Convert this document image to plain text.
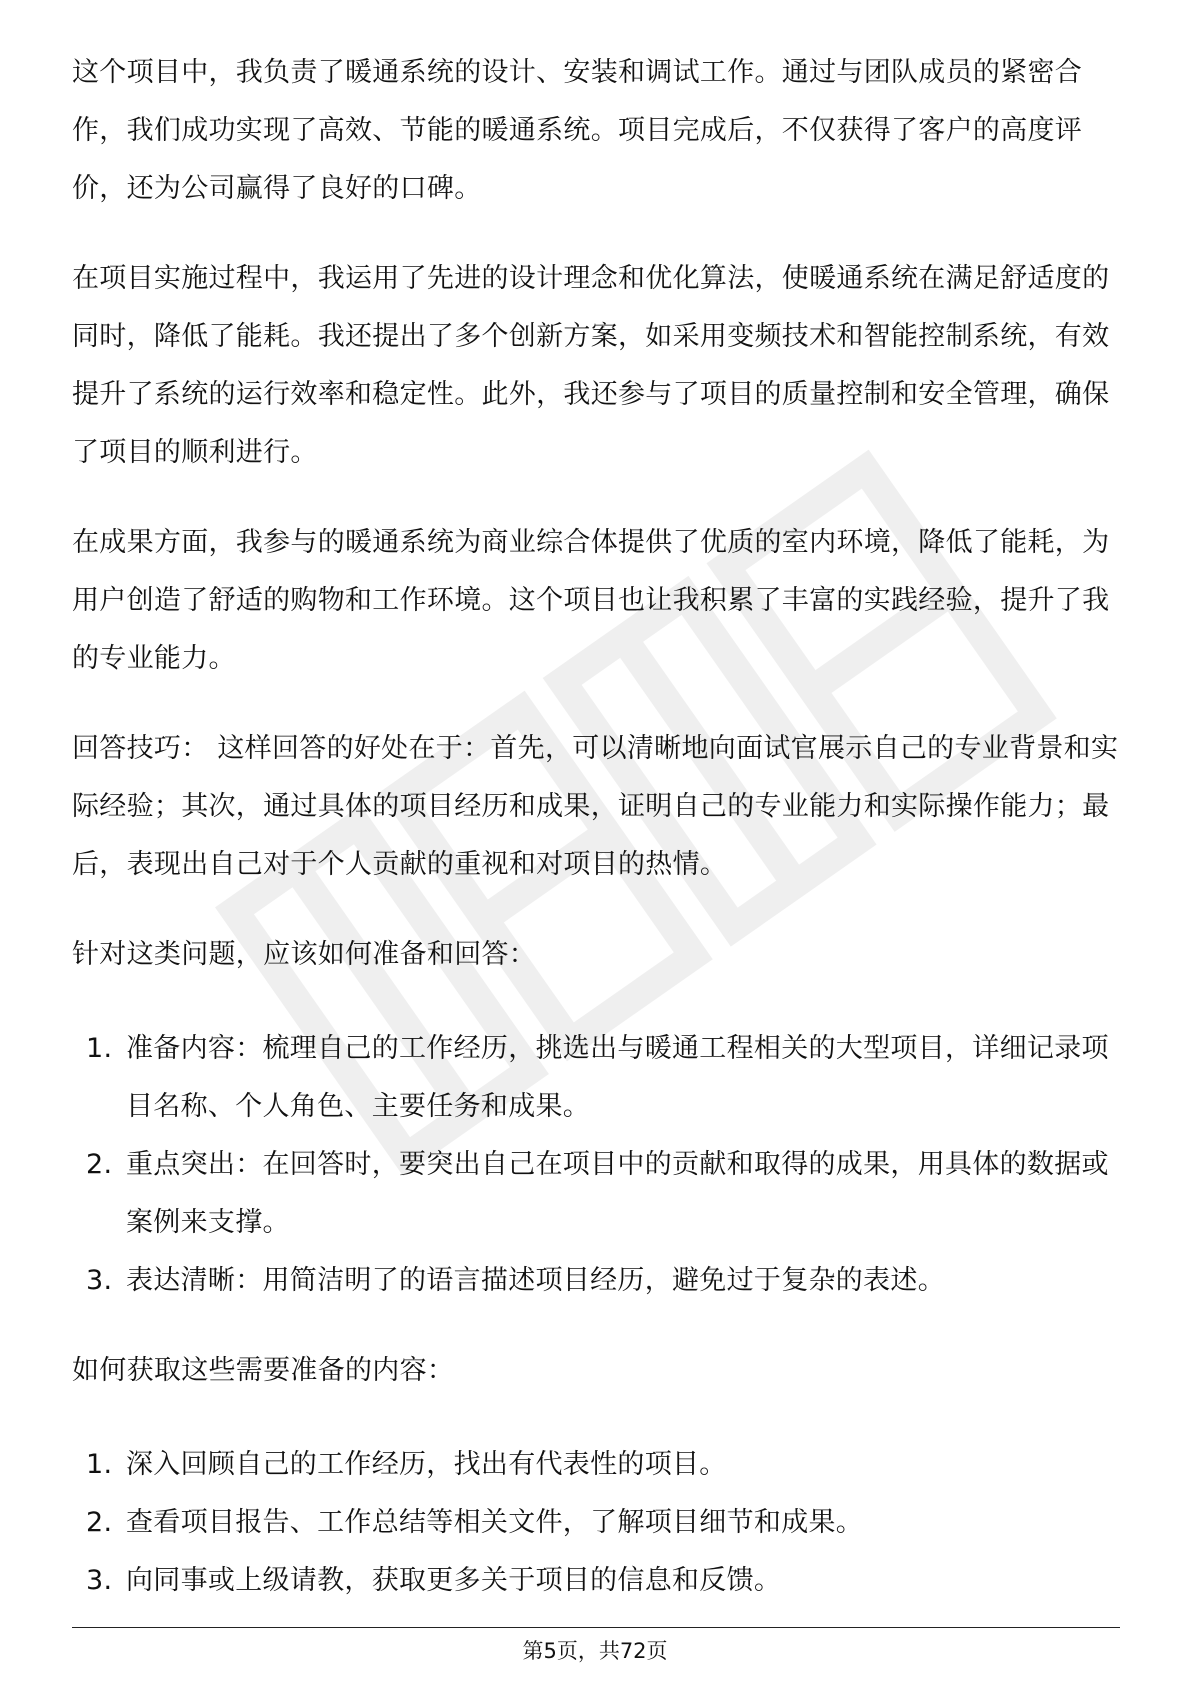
这个项目中，我负责了暖通系统的设计、安装和调试工作。通过与团队成员的紧密合作，我们成功实现了高效、节能的暖通系统。项目完成后，不仅获得了客户的高度评价，还为公司赢得了良好的口碑。

在项目实施过程中，我运用了先进的设计理念和优化算法，使暖通系统在满足舒适度的同时，降低了能耗。我还提出了多个创新方案，如采用变频技术和智能控制系统，有效提升了系统的运行效率和稳定性。此外，我还参与了项目的质量控制和安全管理，确保了项目的顺利进行。

在成果方面，我参与的暖通系统为商业综合体提供了优质的室内环境，降低了能耗，为用户创造了舒适的购物和工作环境。这个项目也让我积累了丰富的实践经验，提升了我的专业能力。

回答技巧： 这样回答的好处在于：首先，可以清晰地向面试官展示自己的专业背景和实际经验；其次，通过具体的项目经历和成果，证明自己的专业能力和实际操作能力；最后，表现出自己对于个人贡献的重视和对项目的热情。

针对这类问题，应该如何准备和回答：

1. 准备内容：梳理自己的工作经历，挑选出与暖通工程相关的大型项目，详细记录项目名称、个人角色、主要任务和成果。
2. 重点突出：在回答时，要突出自己在项目中的贡献和取得的成果，用具体的数据或案例来支撑。
3. 表达清晰：用简洁明了的语言描述项目经历，避免过于复杂的表述。

如何获取这些需要准备的内容：

1. 深入回顾自己的工作经历，找出有代表性的项目。
2. 查看项目报告、工作总结等相关文件，了解项目细节和成果。
3. 向同事或上级请教，获取更多关于项目的信息和反馈。
第5页，共72页
